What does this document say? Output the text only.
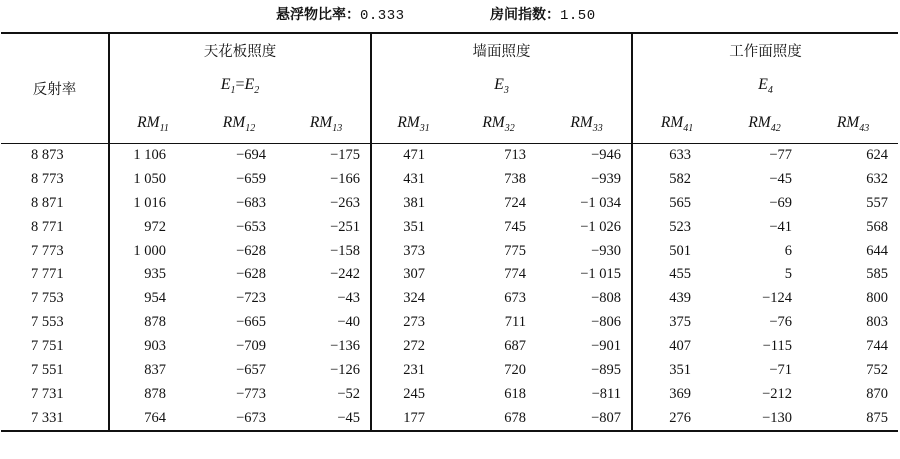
悬浮物比率：0.333	房间指数：1.50
反射率	天花板照度			墙面照度			工作面照度		
	$E_1=E_2$			$E_3$			$E_4$
	$RM_{11}$	$RM_{12}$	$RM_{13}$	$RM_{31}$	$RM_{32}$	$RM_{33}$	$RM_{41}$	$RM_{42}$	$RM_{43}$
8 873	1 106	−694	−175	471	713	−946	633	−77	624
8 773	1 050	−659	−166	431	738	−939	582	−45	632
8 871	1 016	−683	−263	381	724	−1 034	565	−69	557
8 771	972	−653	−251	351	745	−1 026	523	−41	568
7 773	1 000	−628	−158	373	775	−930	501	6	644
7 771	935	−628	−242	307	774	−1 015	455	5	585
7 753	954	−723	−43	324	673	−808	439	−124	800
7 553	878	−665	−40	273	711	−806	375	−76	803
7 751	903	−709	−136	272	687	−901	407	−115	744
7 551	837	−657	−126	231	720	−895	351	−71	752
7 731	878	−773	−52	245	618	−811	369	−212	870
7 331	764	−673	−45	177	678	−807	276	−130	875
